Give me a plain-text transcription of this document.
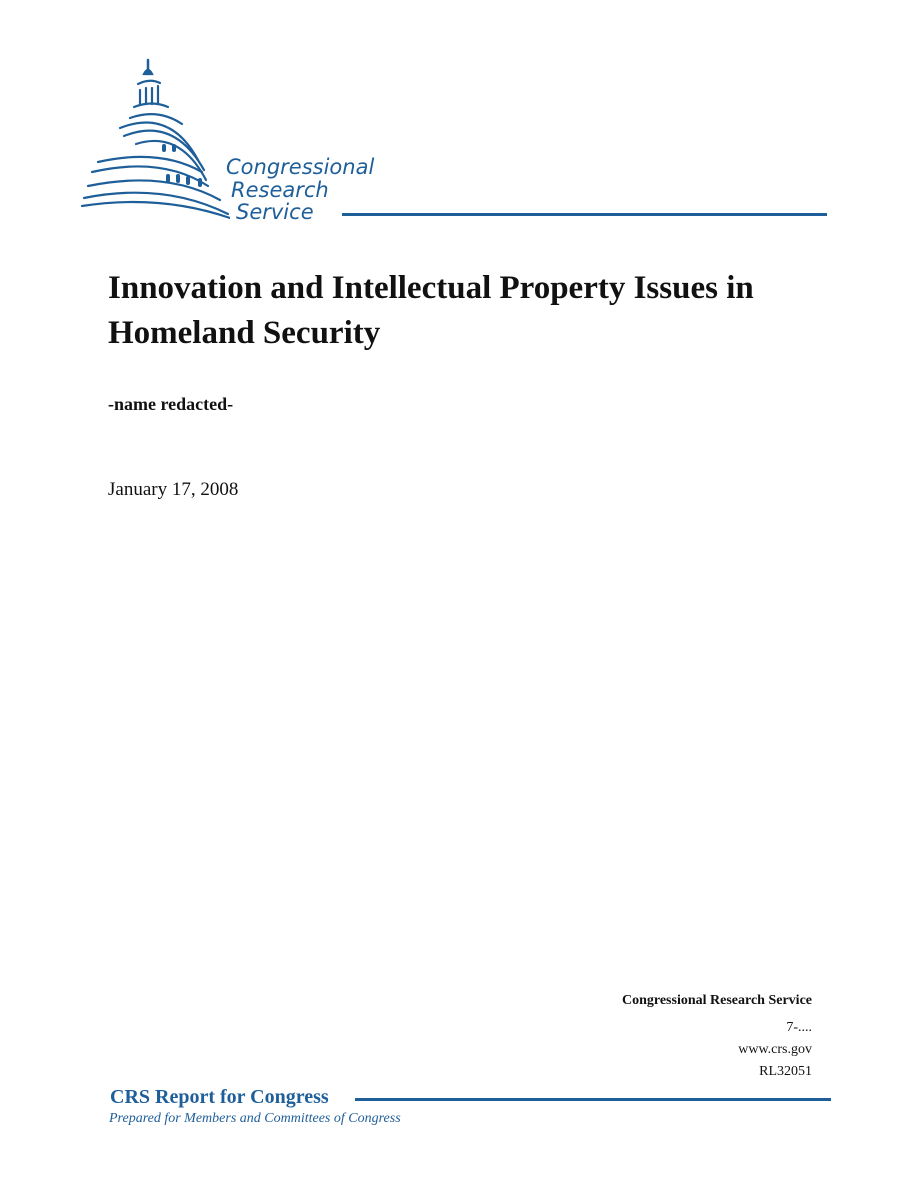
Congressional
Research
Service
Innovation and Intellectual Property Issues in Homeland Security
-name redacted-
January 17, 2008
Congressional Research Service
7-....
www.crs.gov
RL32051
CRS Report for Congress
Prepared for Members and Committees of Congress
